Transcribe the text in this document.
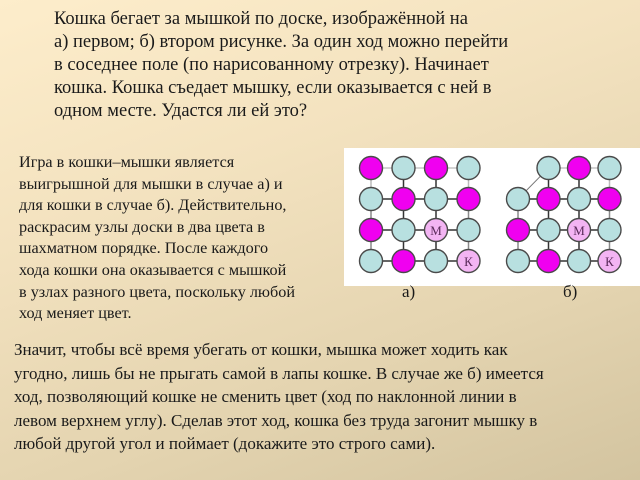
Кошка бегает за мышкой по доске, изображённой на
а) первом; б) втором рисунке. За один ход можно перейти
в соседнее поле (по нарисованному отрезку). Начинает
кошка. Кошка съедает мышку, если оказывается с ней в
одном месте. Удастся ли ей это?
Игра в кошки–мышки является
выигрышной для мышки в случае а) и
для кошки в случае б). Действительно,
раскрасим узлы доски в два цвета в
шахматном порядке. После каждого
хода кошки она оказывается с мышкой
в узлах разного цвета, поскольку любой
ход меняет цвет.
М
К
М
К
а)	б)
Значит, чтобы всё время убегать от кошки, мышка может ходить как
угодно, лишь бы не прыгать самой в лапы кошке. В случае же б) имеется
ход, позволяющий кошке не сменить цвет (ход по наклонной линии в
левом верхнем углу). Сделав этот ход, кошка без труда загонит мышку в
любой другой угол и поймает (докажите это строго сами).
